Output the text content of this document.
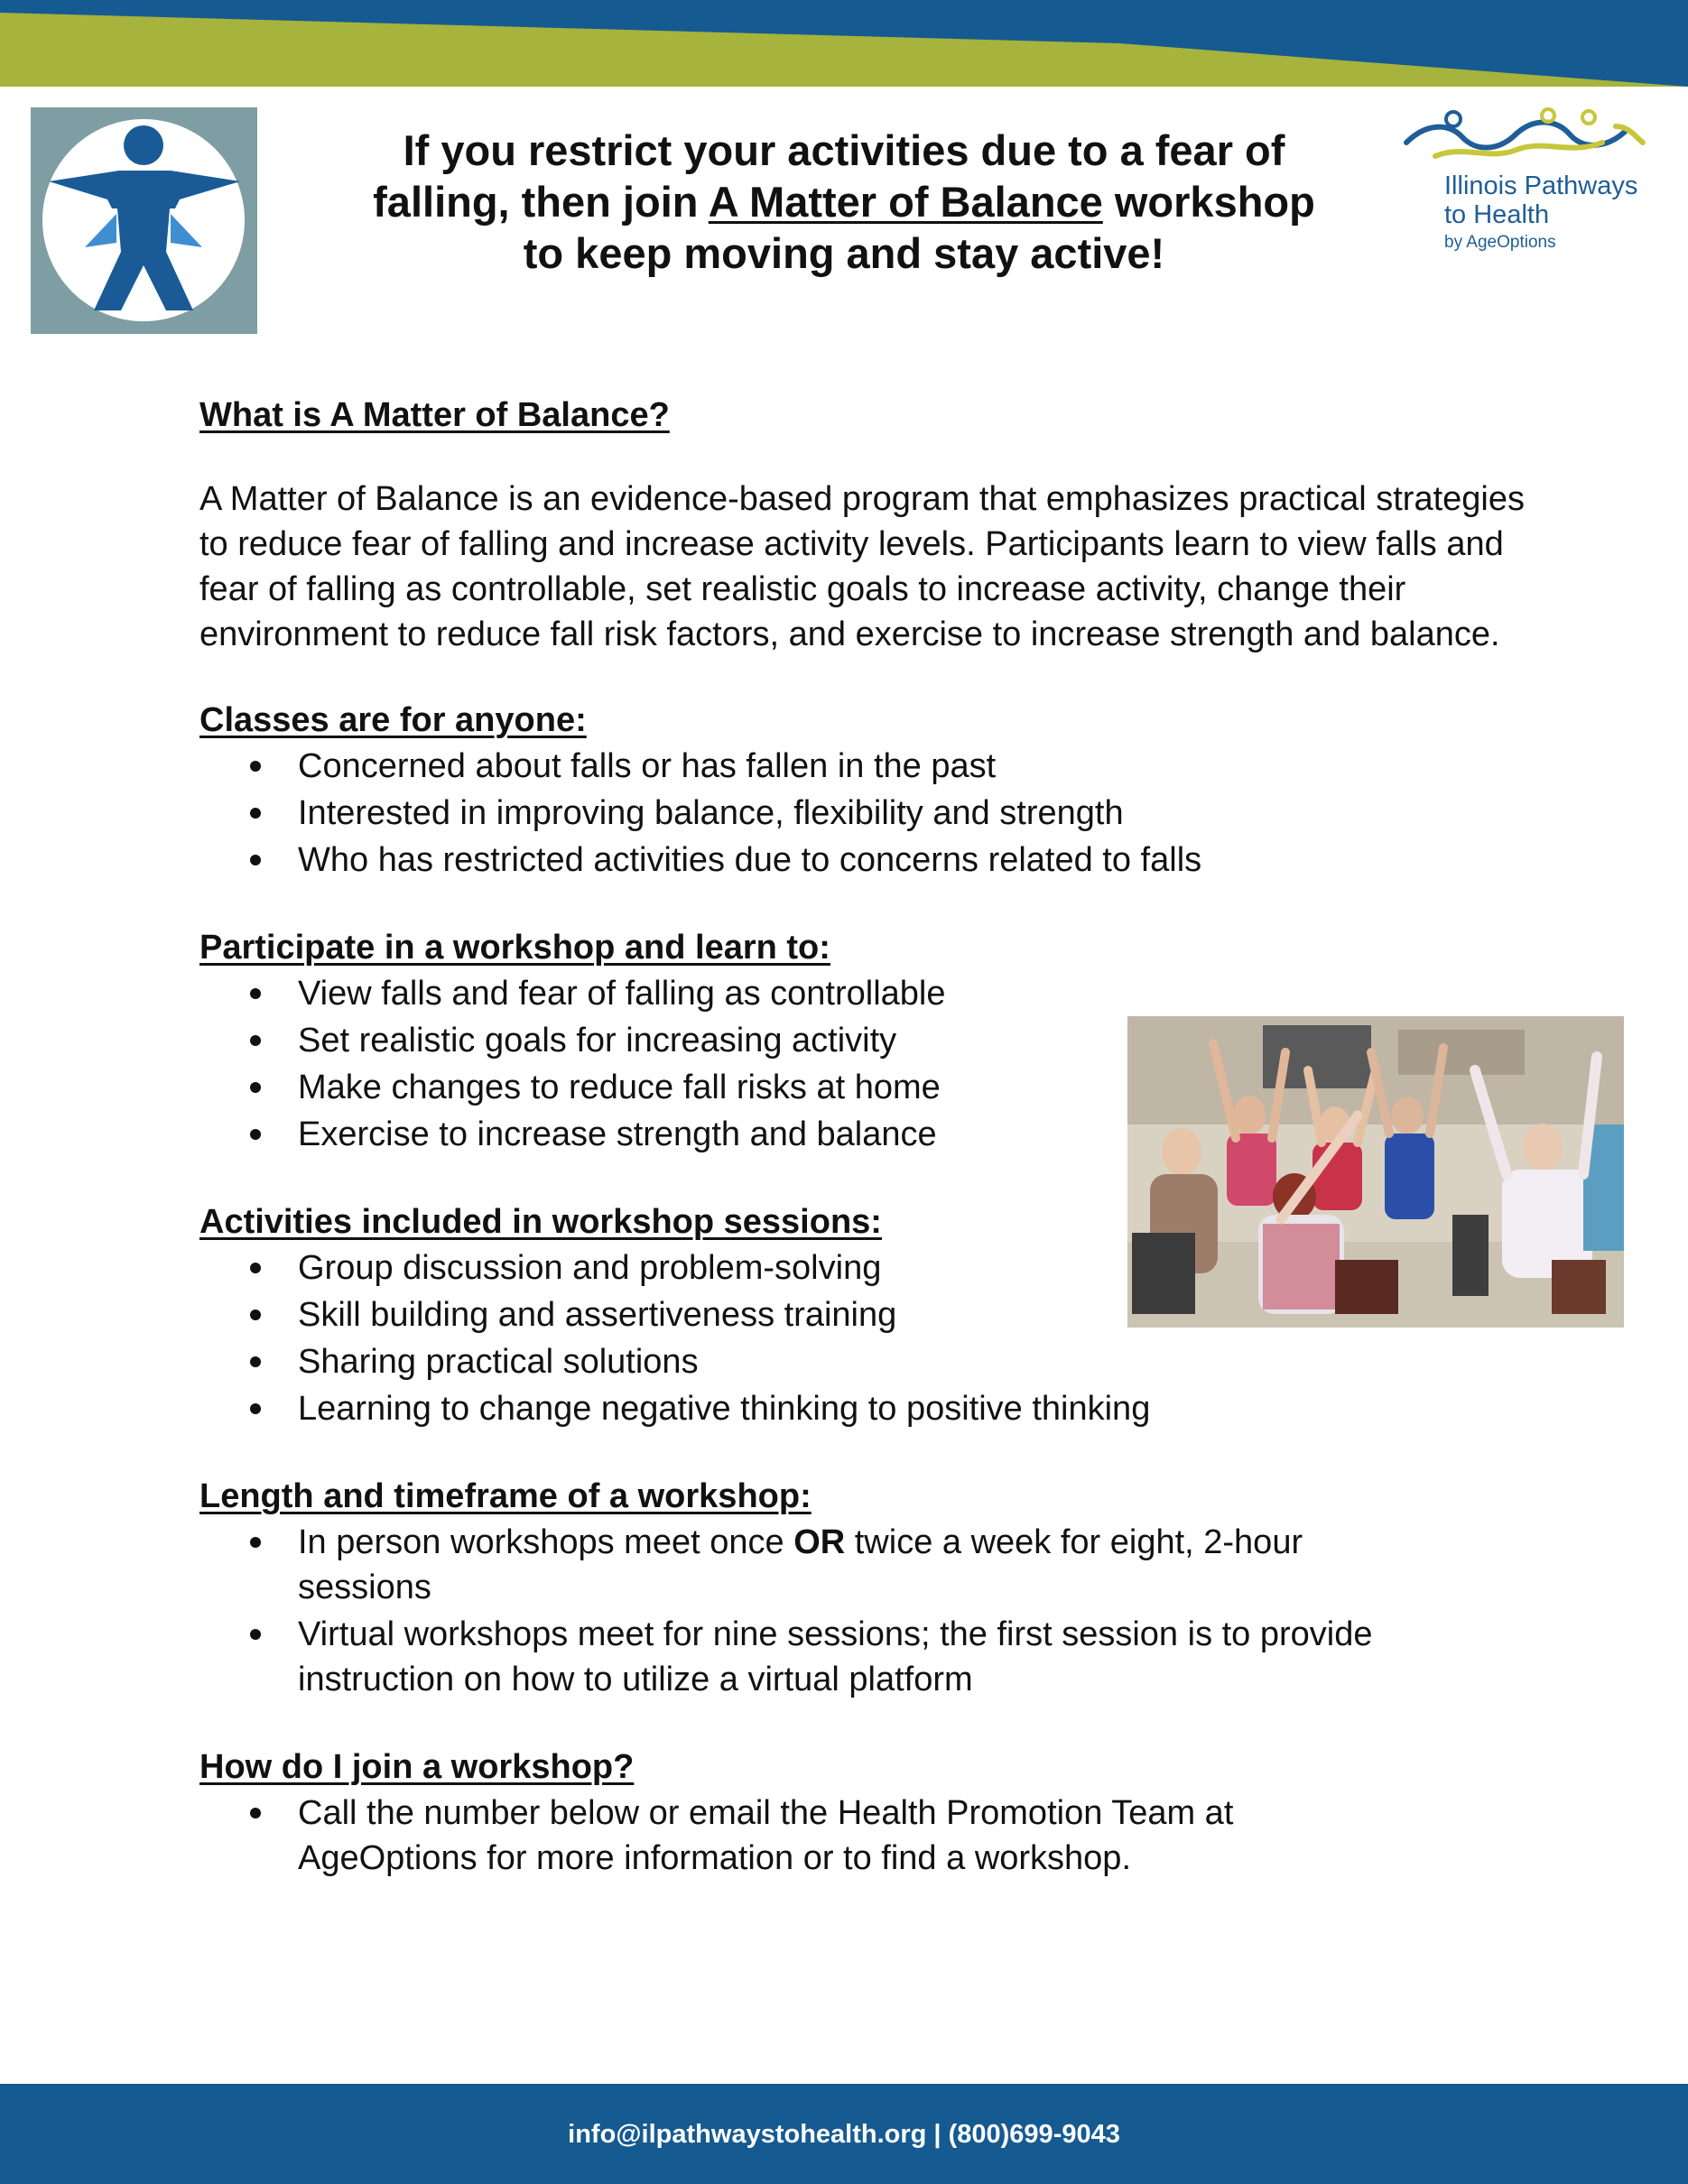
If you restrict your activities due to a fear of
falling, then join A Matter of Balance workshop
to keep moving and stay active!
Illinois Pathways
to Health
by AgeOptions
What is A Matter of Balance?

A Matter of Balance is an evidence-based program that emphasizes practical strategies to reduce fear of falling and increase activity levels. Participants learn to view falls and fear of falling as controllable, set realistic goals to increase activity, change their environment to reduce fall risk factors, and exercise to increase strength and balance.

Classes are for anyone:
Concerned about falls or has fallen in the past
Interested in improving balance, flexibility and strength
Who has restricted activities due to concerns related to falls
Participate in a workshop and learn to:
View falls and fear of falling as controllable
Set realistic goals for increasing activity
Make changes to reduce fall risks at home
Exercise to increase strength and balance
Activities included in workshop sessions:
Group discussion and problem-solving
Skill building and assertiveness training
Sharing practical solutions
Learning to change negative thinking to positive thinking
Length and timeframe of a workshop:
In person workshops meet once OR twice a week for eight, 2-hour sessions
Virtual workshops meet for nine sessions; the first session is to provide instruction on how to utilize a virtual platform
How do I join a workshop?
Call the number below or email the Health Promotion Team at AgeOptions for more information or to find a workshop.
info@ilpathwaystohealth.org | (800)699-9043
